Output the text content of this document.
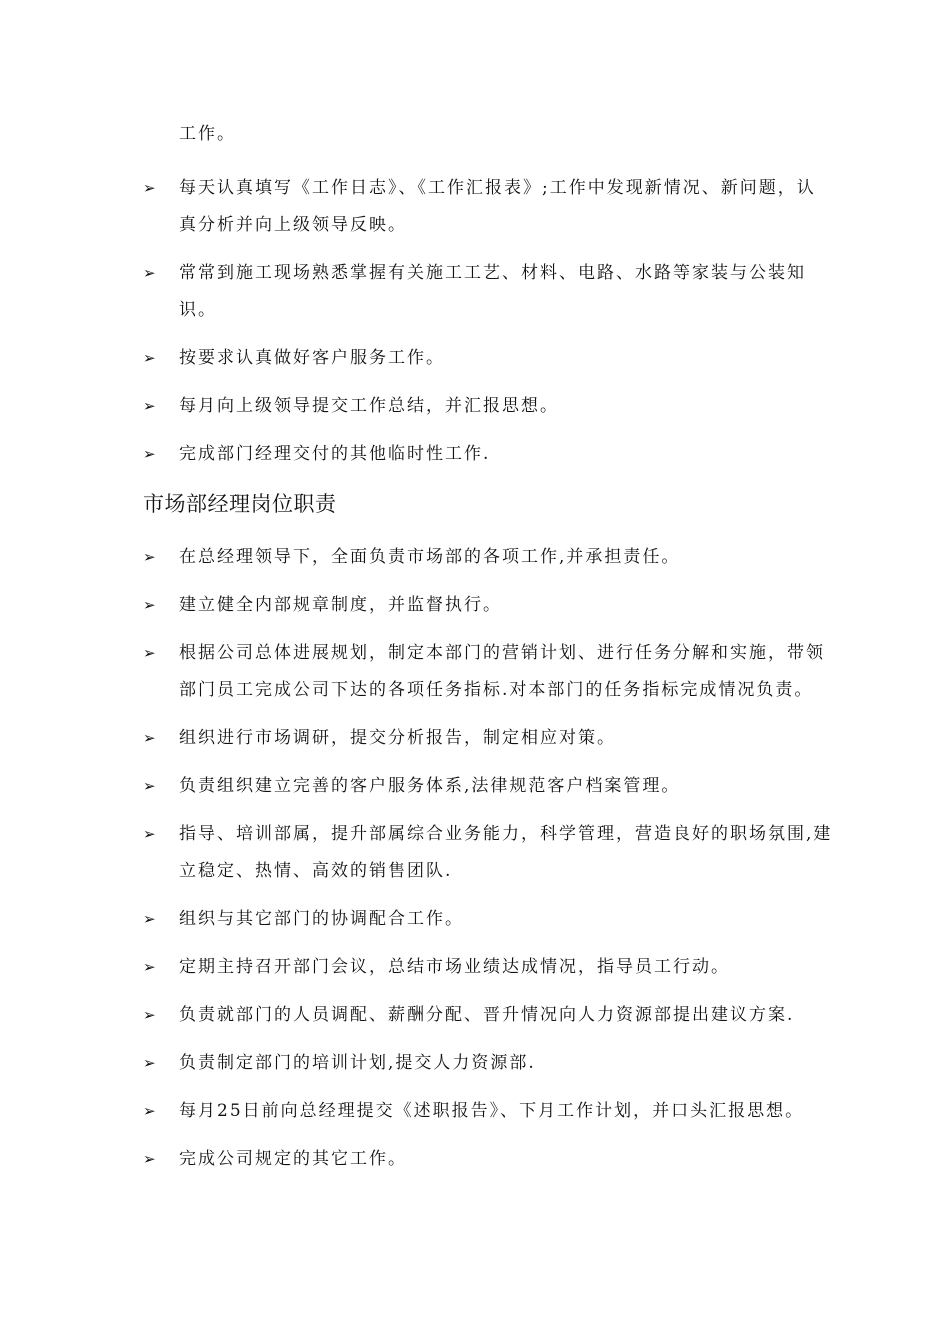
工作。
➢	每天认真填写《工作日志》、《工作汇报表》;工作中发现新情况、新问题，认真分析并向上级领导反映。
➢	常常到施工现场熟悉掌握有关施工工艺、材料、电路、水路等家装与公装知识。
➢	按要求认真做好客户服务工作。
➢	每月向上级领导提交工作总结，并汇报思想。
➢	完成部门经理交付的其他临时性工作.
市场部经理岗位职责
➢	在总经理领导下，全面负责市场部的各项工作,并承担责任。
➢	建立健全内部规章制度，并监督执行。
➢	根据公司总体进展规划，制定本部门的营销计划、进行任务分解和实施，带领部门员工完成公司下达的各项任务指标.对本部门的任务指标完成情况负责。
➢	组织进行市场调研，提交分析报告，制定相应对策。
➢	负责组织建立完善的客户服务体系,法律规范客户档案管理。
➢	指导、培训部属，提升部属综合业务能力，科学管理，营造良好的职场氛围,建立稳定、热情、高效的销售团队.
➢	组织与其它部门的协调配合工作。
➢	定期主持召开部门会议，总结市场业绩达成情况，指导员工行动。
➢	负责就部门的人员调配、薪酬分配、晋升情况向人力资源部提出建议方案.
➢	负责制定部门的培训计划,提交人力资源部.
➢	每月25日前向总经理提交《述职报告》、下月工作计划，并口头汇报思想。
➢	完成公司规定的其它工作。
